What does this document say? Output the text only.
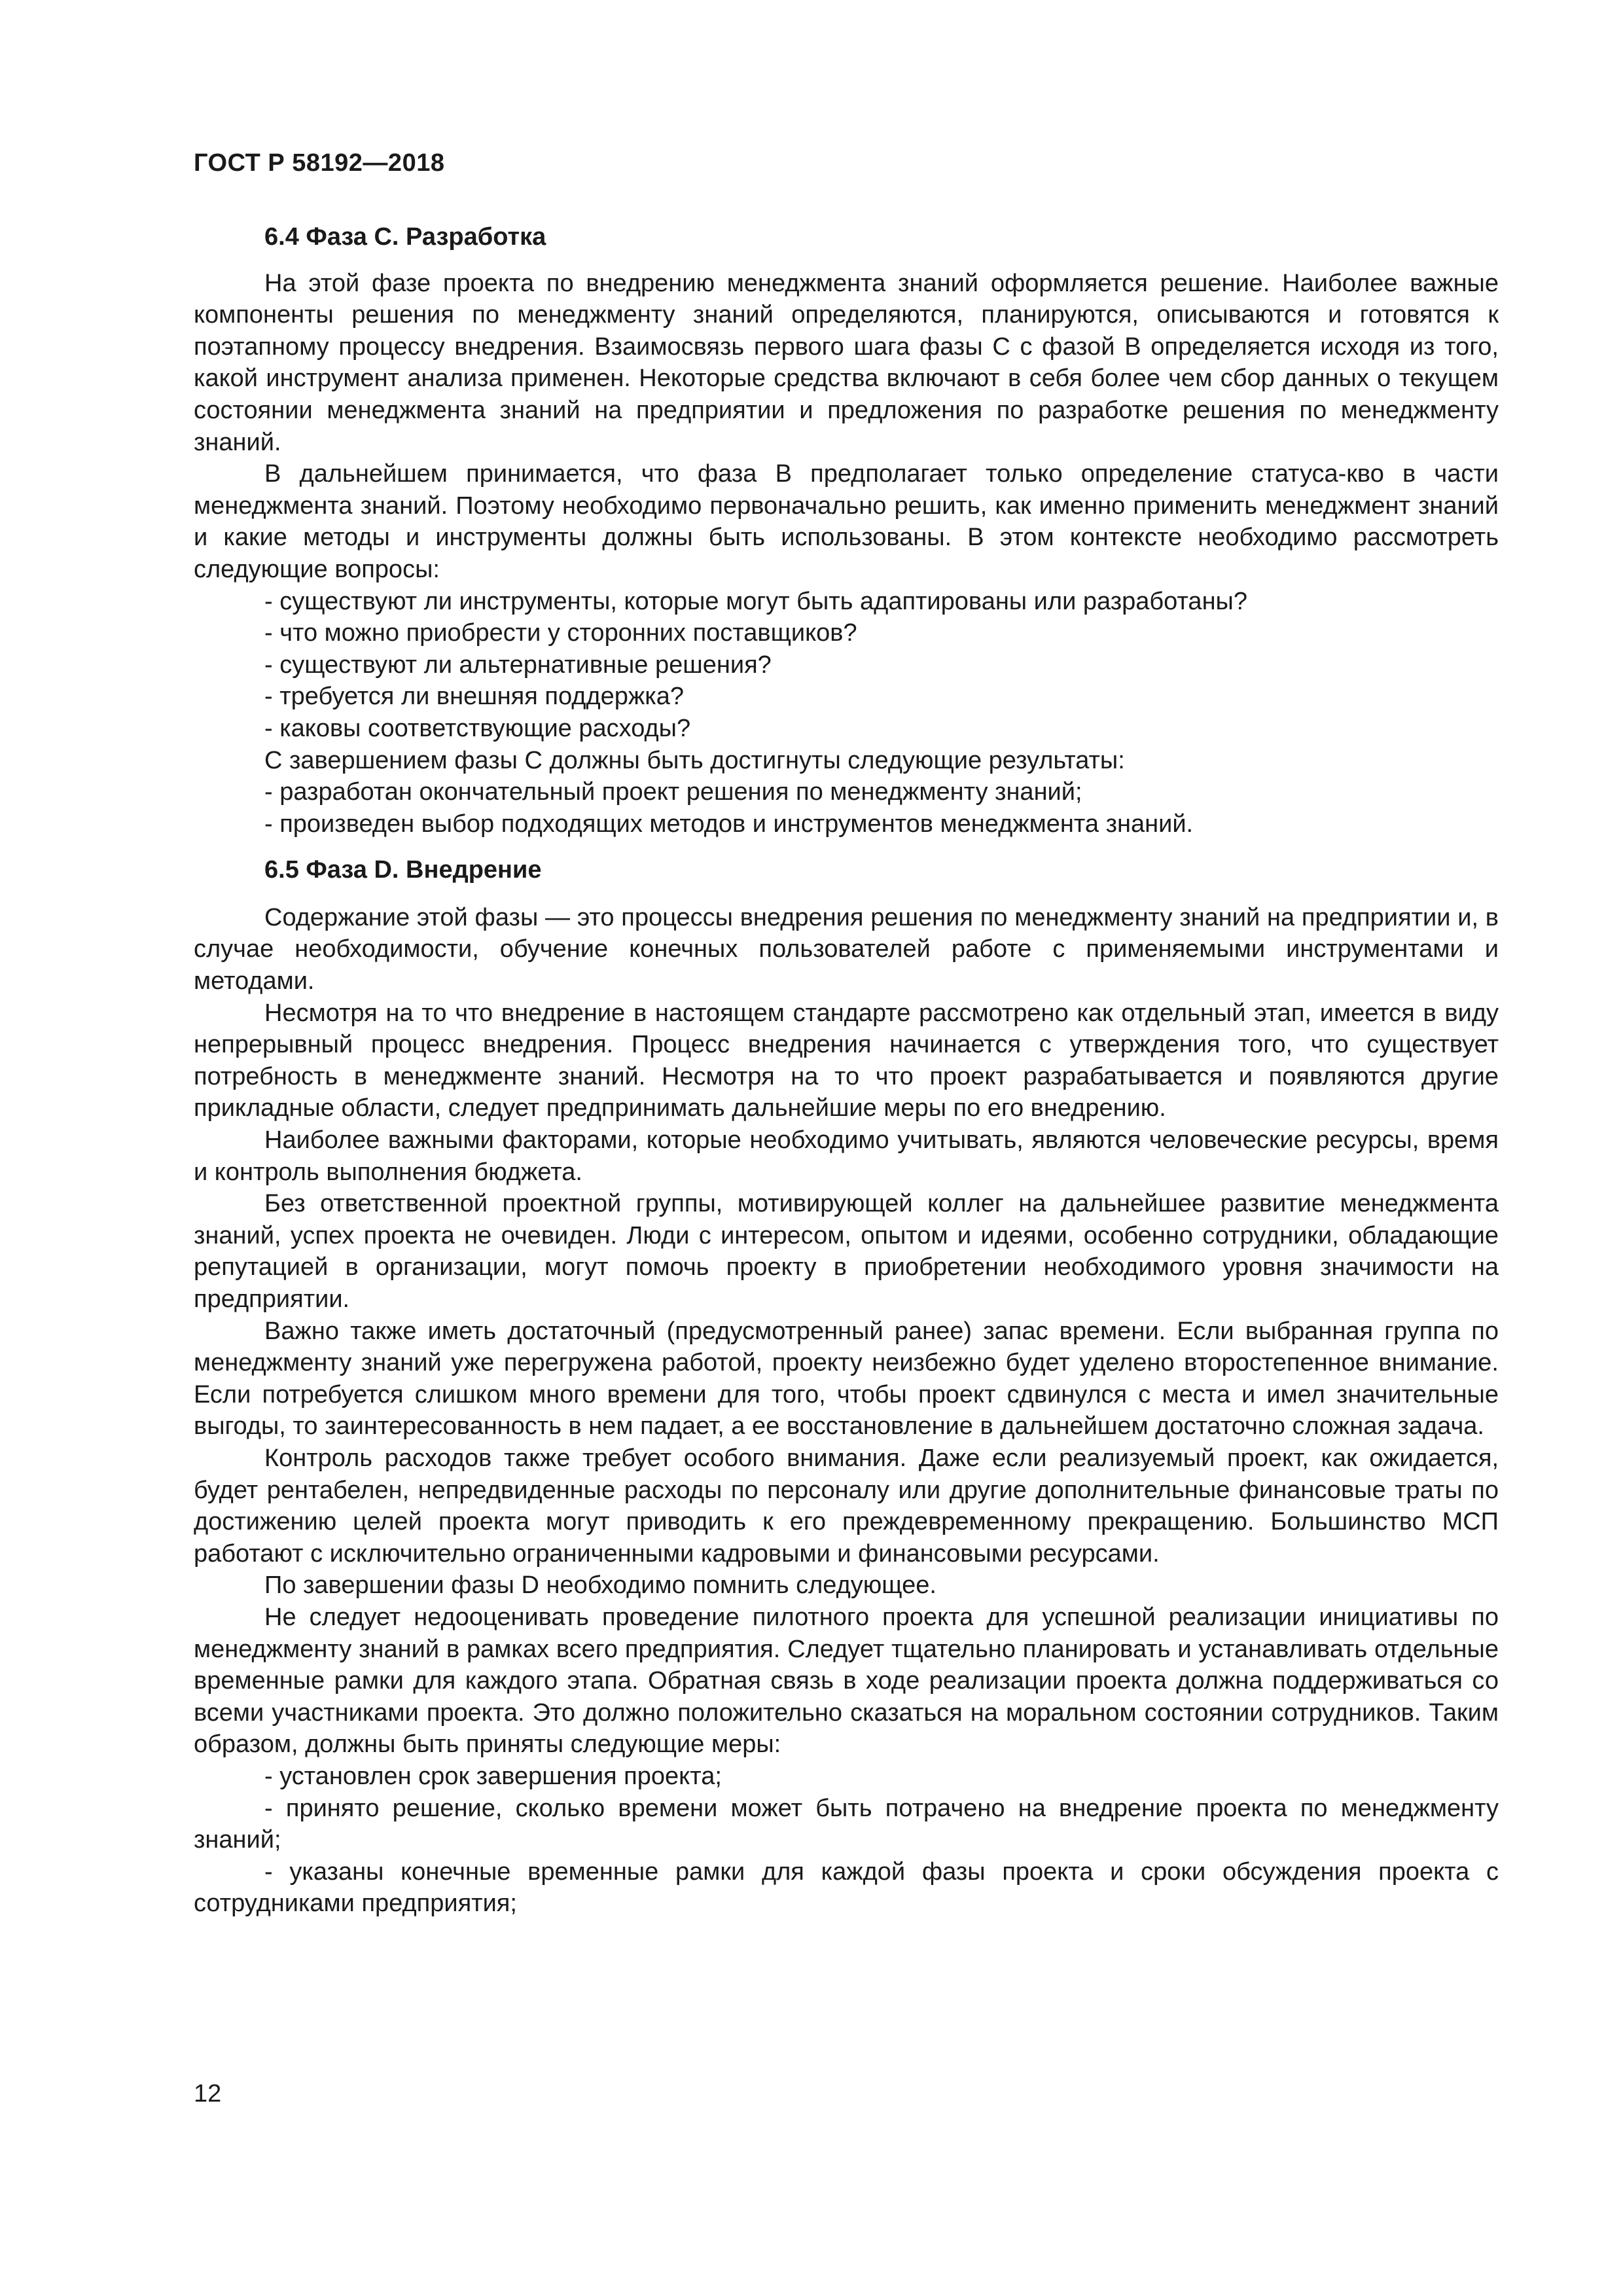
ГОСТ Р 58192—2018
6.4 Фаза С. Разработка

На этой фазе проекта по внедрению менеджмента знаний оформляется решение. Наиболее важные компоненты решения по менеджменту знаний определяются, планируются, описываются и готовятся к поэтапному процессу внедрения. Взаимосвязь первого шага фазы С с фазой В определяется исходя из того, какой инструмент анализа применен. Некоторые средства включают в себя более чем сбор данных о текущем состоянии менеджмента знаний на предприятии и предложения по разработке решения по менеджменту знаний.

В дальнейшем принимается, что фаза В предполагает только определение статуса-кво в части менеджмента знаний. Поэтому необходимо первоначально решить, как именно применить менеджмент знаний и какие методы и инструменты должны быть использованы. В этом контексте необходимо рассмотреть следующие вопросы:

- существуют ли инструменты, которые могут быть адаптированы или разработаны?

- что можно приобрести у сторонних поставщиков?

- существуют ли альтернативные решения?

- требуется ли внешняя поддержка?

- каковы соответствующие расходы?

С завершением фазы С должны быть достигнуты следующие результаты:

- разработан окончательный проект решения по менеджменту знаний;

- произведен выбор подходящих методов и инструментов менеджмента знаний.

6.5 Фаза D. Внедрение

Содержание этой фазы — это процессы внедрения решения по менеджменту знаний на предприятии и, в случае необходимости, обучение конечных пользователей работе с применяемыми инструментами и методами.

Несмотря на то что внедрение в настоящем стандарте рассмотрено как отдельный этап, имеется в виду непрерывный процесс внедрения. Процесс внедрения начинается с утверждения того, что существует потребность в менеджменте знаний. Несмотря на то что проект разрабатывается и появляются другие прикладные области, следует предпринимать дальнейшие меры по его внедрению.

Наиболее важными факторами, которые необходимо учитывать, являются человеческие ресурсы, время и контроль выполнения бюджета.

Без ответственной проектной группы, мотивирующей коллег на дальнейшее развитие менеджмента знаний, успех проекта не очевиден. Люди с интересом, опытом и идеями, особенно сотрудники, обладающие репутацией в организации, могут помочь проекту в приобретении необходимого уровня значимости на предприятии.

Важно также иметь достаточный (предусмотренный ранее) запас времени. Если выбранная группа по менеджменту знаний уже перегружена работой, проекту неизбежно будет уделено второстепенное внимание. Если потребуется слишком много времени для того, чтобы проект сдвинулся с места и имел значительные выгоды, то заинтересованность в нем падает, а ее восстановление в дальнейшем достаточно сложная задача.

Контроль расходов также требует особого внимания. Даже если реализуемый проект, как ожидается, будет рентабелен, непредвиденные расходы по персоналу или другие дополнительные финансовые траты по достижению целей проекта могут приводить к его преждевременному прекращению. Большинство МСП работают с исключительно ограниченными кадровыми и финансовыми ресурсами.

По завершении фазы D необходимо помнить следующее.

Не следует недооценивать проведение пилотного проекта для успешной реализации инициативы по менеджменту знаний в рамках всего предприятия. Следует тщательно планировать и устанавливать отдельные временные рамки для каждого этапа. Обратная связь в ходе реализации проекта должна поддерживаться со всеми участниками проекта. Это должно положительно сказаться на моральном состоянии сотрудников. Таким образом, должны быть приняты следующие меры:

- установлен срок завершения проекта;

- принято решение, сколько времени может быть потрачено на внедрение проекта по менеджменту знаний;

- указаны конечные временные рамки для каждой фазы проекта и сроки обсуждения проекта с сотрудниками предприятия;

12
